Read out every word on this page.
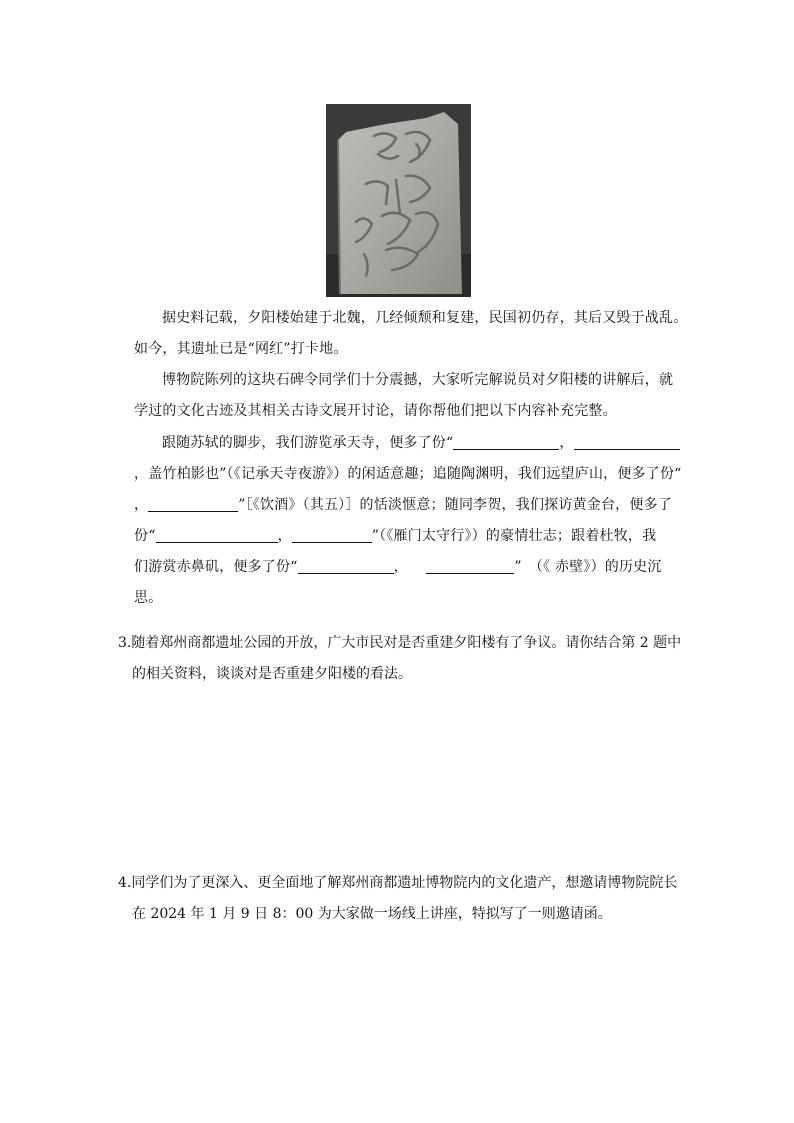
据史料记载，夕阳楼始建于北魏，几经倾颓和复建，民国初仍存，其后又毁于战乱。
如今，其遗址已是“网红”打卡地。
博物院陈列的这块石碑令同学们十分震撼，大家听完解说员对夕阳楼的讲解后，就
学过的文化古迹及其相关古诗文展开讨论，请你帮他们把以下内容补充完整。
跟随苏轼的脚步，我们游览承天寺，便多了份“	，
，盖竹柏影也”（《记承天寺夜游》）的闲适意趣；追随陶渊明，我们远望庐山，便多了份“
，	”［《饮酒》（其五）］的恬淡惬意；随同李贺，我们探访黄金台，便多了
份“	，	”（《雁门太守行》）的豪情壮志；跟着杜牧，我
们游赏赤鼻矶，便多了份“	，	”　（《 赤壁》）的历史沉
思。
3.随着郑州商都遗址公园的开放，广大市民对是否重建夕阳楼有了争议。请你结合第 2 题中
的相关资料，谈谈对是否重建夕阳楼的看法。
4.同学们为了更深入、更全面地了解郑州商都遗址博物院内的文化遗产，想邀请博物院院长
在 2024 年 1 月 9 日 8：00 为大家做一场线上讲座，特拟写了一则邀请函。
